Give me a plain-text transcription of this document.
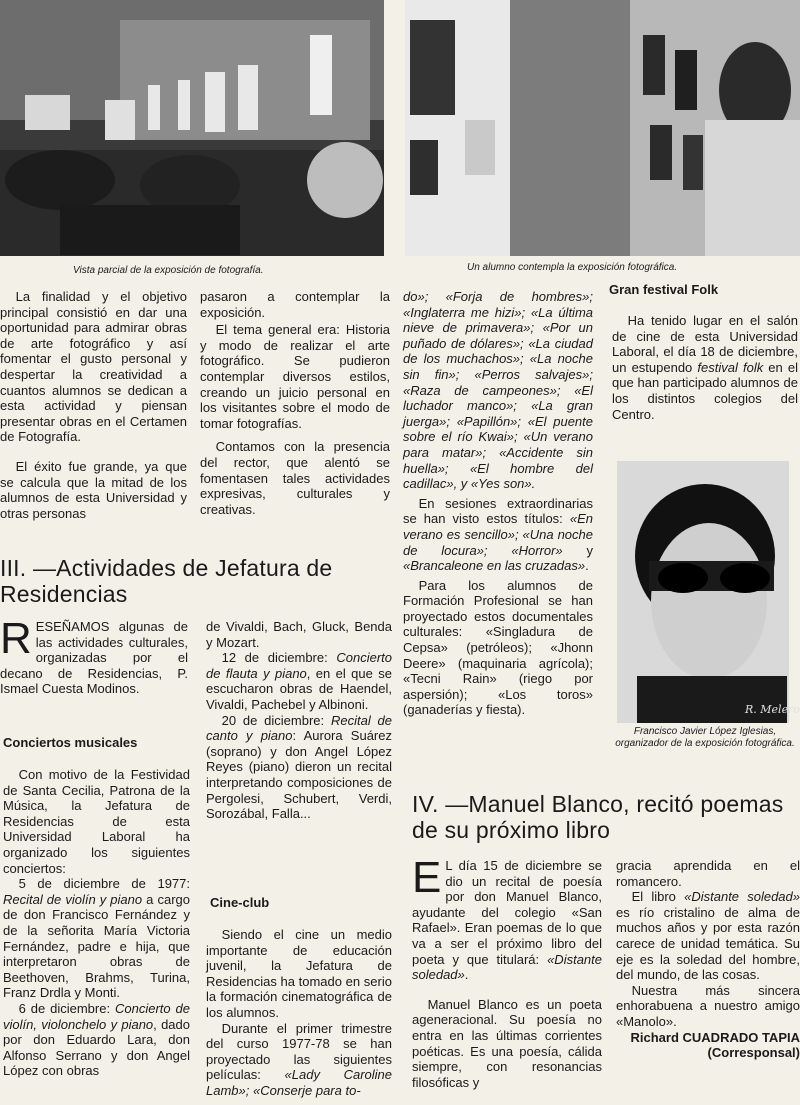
Vista parcial de la exposición de fotografía.	Un alumno contempla la exposición fotográfica.

La finalidad y el objetivo principal consistió en dar una oportunidad para admirar obras de arte fotográfico y así fomentar el gusto personal y despertar la creatividad a cuantos alumnos se dedican a esta actividad y piensan presentar obras en el Certamen de Fotografía.

El éxito fue grande, ya que se calcula que la mitad de los alumnos de esta Universidad y otras personas

pasaron a contemplar la exposición.

El tema general era: Historia y modo de realizar el arte fotográfico. Se pudieron contemplar diversos estilos, creando un juicio personal en los visitantes sobre el modo de tomar fotografías.

Contamos con la presencia del rector, que alentó se fomentasen tales actividades expresivas, culturales y creativas.

do»; «Forja de hombres»; «Inglaterra me hizi»; «La última nieve de primavera»; «Por un puñado de dólares»; «La ciudad de los muchachos»; «La noche sin fin»; «Perros salvajes»; «Raza de campeones»; «El luchador manco»; «La gran juerga»; «Papillón»; «El puente sobre el río Kwai»; «Un verano para matar»; «Accidente sin huella»; «El hombre del cadillac», y «Yes son».

En sesiones extraordinarias se han visto estos títulos: «En verano es sencillo»; «Una noche de locura»; «Horror» y «Brancaleone en las cruzadas».

Para los alumnos de Formación Profesional se han proyectado estos documentales culturales: «Singladura de Cepsa» (petróleos); «Jhonn Deere» (maquinaria agrícola); «Tecni Rain» (riego por aspersión); «Los toros» (ganaderías y fiesta).

Gran festival Folk

Ha tenido lugar en el salón de cine de esta Universidad Laboral, el día 18 de diciembre, un estupendo festival folk en el que han participado alumnos de los distintos colegios del Centro.

R. Melero
Francisco Javier López Iglesias, organizador de la exposición fotográfica.
III. —Actividades de Jefatura de Residencias

RESEÑAMOS algunas de las actividades culturales, organizadas por el decano de Residencias, P. Ismael Cuesta Modinos.

Conciertos musicales

Con motivo de la Festividad de Santa Cecilia, Patrona de la Música, la Jefatura de Residencias de esta Universidad Laboral ha organizado los siguientes conciertos:

5 de diciembre de 1977: Recital de violín y piano a cargo de don Francisco Fernández y de la señorita María Victoria Fernández, padre e hija, que interpretaron obras de Beethoven, Brahms, Turina, Franz Drdla y Monti.

6 de diciembre: Concierto de violín, violonchelo y piano, dado por don Eduardo Lara, don Alfonso Serrano y don Angel López con obras

de Vivaldi, Bach, Gluck, Benda y Mozart.

12 de diciembre: Concierto de flauta y piano, en el que se escucharon obras de Haendel, Vivaldi, Pachebel y Albinoni.

20 de diciembre: Recital de canto y piano: Aurora Suárez (soprano) y don Angel López Reyes (piano) dieron un recital interpretando composiciones de Pergolesi, Schubert, Verdi, Sorozábal, Falla...

Cine-club

Siendo el cine un medio importante de educación juvenil, la Jefatura de Residencias ha tomado en serio la formación cinematográfica de los alumnos.

Durante el primer trimestre del curso 1977-78 se han proyectado las siguientes películas: «Lady Caroline Lamb»; «Conserje para to-

IV. —Manuel Blanco, recitó poemas de su próximo libro

E L día 15 de diciembre se dio un recital de poesía por don Manuel Blanco, ayudante del colegio «San Rafael». Eran poemas de lo que va a ser el próximo libro del poeta y que titulará: «Distante soledad».

Manuel Blanco es un poeta ageneracional. Su poesía no entra en las últimas corrientes poéticas. Es una poesía, cálida siempre, con resonancias filosóficas y

gracia aprendida en el romancero.

El libro «Distante soledad» es río cristalino de alma de muchos años y por esta razón carece de unidad temática. Su eje es la soledad del hombre, del mundo, de las cosas.

Nuestra más sincera enhorabuena a nuestro amigo «Manolo».

Richard CUADRADO TAPIA
(Corresponsal)
